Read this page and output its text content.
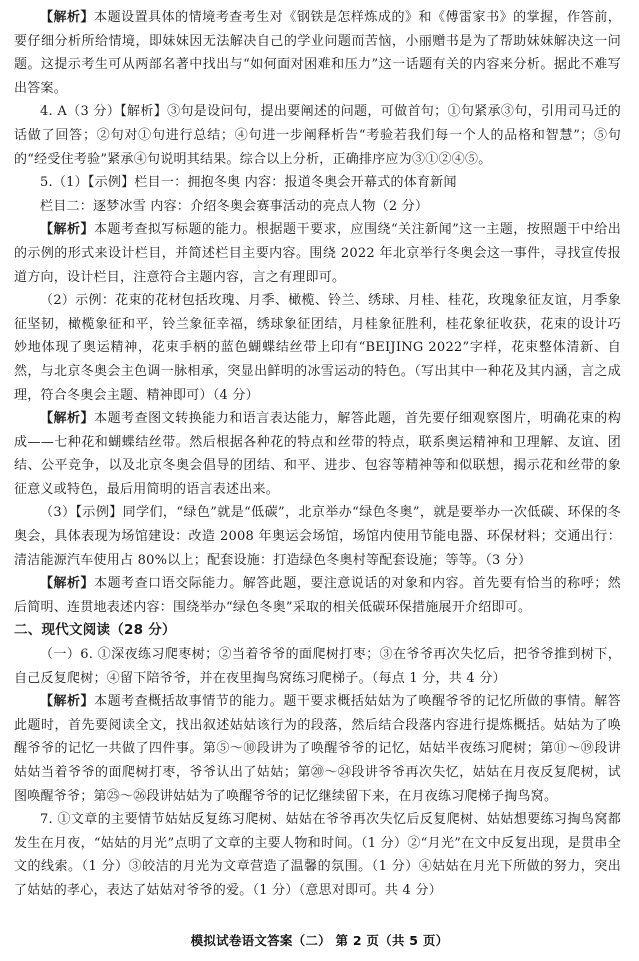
【解析】本题设置具体的情境考查考生对《钢铁是怎样炼成的》和《傅雷家书》的掌握，作答前，要仔细分析所给情境，即妹妹因无法解决自己的学业问题而苦恼，小丽赠书是为了帮助妹妹解决这一问题。这提示考生可从两部名著中找出与“如何面对困难和压力”这一话题有关的内容来分析。据此不难写出答案。

4. A（3 分）【解析】③句是设问句，提出要阐述的问题，可做首句；①句紧承③句，引用司马迁的话做了回答；②句对①句进行总结；④句进一步阐释析告“考验若我们每一个人的品格和智慧”；⑤句的“经受住考验”紧承④句说明其结果。综合以上分析，正确排序应为③①②④⑤。

5.（1）【示例】栏目一：拥抱冬奥 内容：报道冬奥会开幕式的体育新闻

栏目二：逐梦冰雪 内容：介绍冬奥会赛事活动的亮点人物（2 分）

【解析】本题考查拟写标题的能力。根据题干要求，应围绕“关注新闻”这一主题，按照题干中给出的示例的形式来设计栏目，并简述栏目主要内容。围绕 2022 年北京举行冬奥会这一事件，寻找宣传报道方向，设计栏目，注意符合主题内容，言之有理即可。

（2）示例：花束的花材包括玫瑰、月季、橄榄、铃兰、绣球、月桂、桂花，玫瑰象征友谊，月季象征坚韧，橄榄象征和平，铃兰象征幸福，绣球象征团结，月桂象征胜利，桂花象征收获，花束的设计巧妙地体现了奥运精神，花束手柄的蓝色蝴蝶结丝带上印有“BEIJING 2022”字样，花束整体清新、自然，与北京冬奥会主色调一脉相承，突显出鲜明的冰雪运动的特色。（写出其中一种花及其内涵，言之成理，符合冬奥会主题、精神即可）（4 分）

【解析】本题考查图文转换能力和语言表达能力，解答此题，首先要仔细观察图片，明确花束的构成——七种花和蝴蝶结丝带。然后根据各种花的特点和丝带的特点，联系奥运精神和卫理解、友谊、团结、公平竞争，以及北京冬奥会倡导的团结、和平、进步、包容等精神等和似联想，揭示花和丝带的象征意义或特色，最后用简明的语言表述出来。

（3）【示例】同学们，“绿色”就是“低碳”，北京举办“绿色冬奥”，就是要举办一次低碳、环保的冬奥会，具体表现为场馆建设：改造 2008 年奥运会场馆，场馆内使用节能电器、环保材料；交通出行：清洁能源汽车使用占 80%以上；配套设施：打造绿色冬奥村等配套设施；等等。（3 分）

【解析】本题考查口语交际能力。解答此题，要注意说话的对象和内容。首先要有恰当的称呼；然后简明、连贯地表述内容：围绕举办“绿色冬奥”采取的相关低碳环保措施展开介绍即可。

二、现代文阅读（28 分）

（一）6. ①深夜练习爬枣树；②当着爷爷的面爬树打枣；③在爷爷再次失忆后，把爷爷推到树下，自己反复爬树；④留下陪爷爷，并在夜里掏鸟窝练习爬梯子。（每点 1 分，共 4 分）

【解析】本题考查概括故事情节的能力。题干要求概括姑姑为了唤醒爷爷的记忆所做的事情。解答此题时，首先要阅读全文，找出叙述姑姑该行为的段落，然后结合段落内容进行提炼概括。姑姑为了唤醒爷爷的记忆一共做了四件事。第⑤～⑩段讲为了唤醒爷爷的记忆，姑姑半夜练习爬树；第⑪～⑲段讲姑姑当着爷爷的面爬树打枣，爷爷认出了姑姑；第⑳～㉔段讲爷爷再次失忆，姑姑在月夜反复爬树，试图唤醒爷爷；第㉕～㉖段讲姑姑为了唤醒爷爷的记忆继续留下来，在月夜练习爬梯子掏鸟窝。

7. ①文章的主要情节姑姑反复练习爬树、姑姑在爷爷再次失忆后反复爬树、姑姑想要练习掏鸟窝都发生在月夜，“姑姑的月光”点明了文章的主要人物和时间。（1 分）②“月光”在文中反复出现，是贯串全文的线索。（1 分）③皎洁的月光为文章营造了温馨的氛围。（1 分）④姑姑在月光下所做的努力，突出了姑姑的孝心，表达了姑姑对爷爷的爱。（1 分）（意思对即可。共 4 分）

模拟试卷语文答案（二） 第 2 页（共 5 页）
